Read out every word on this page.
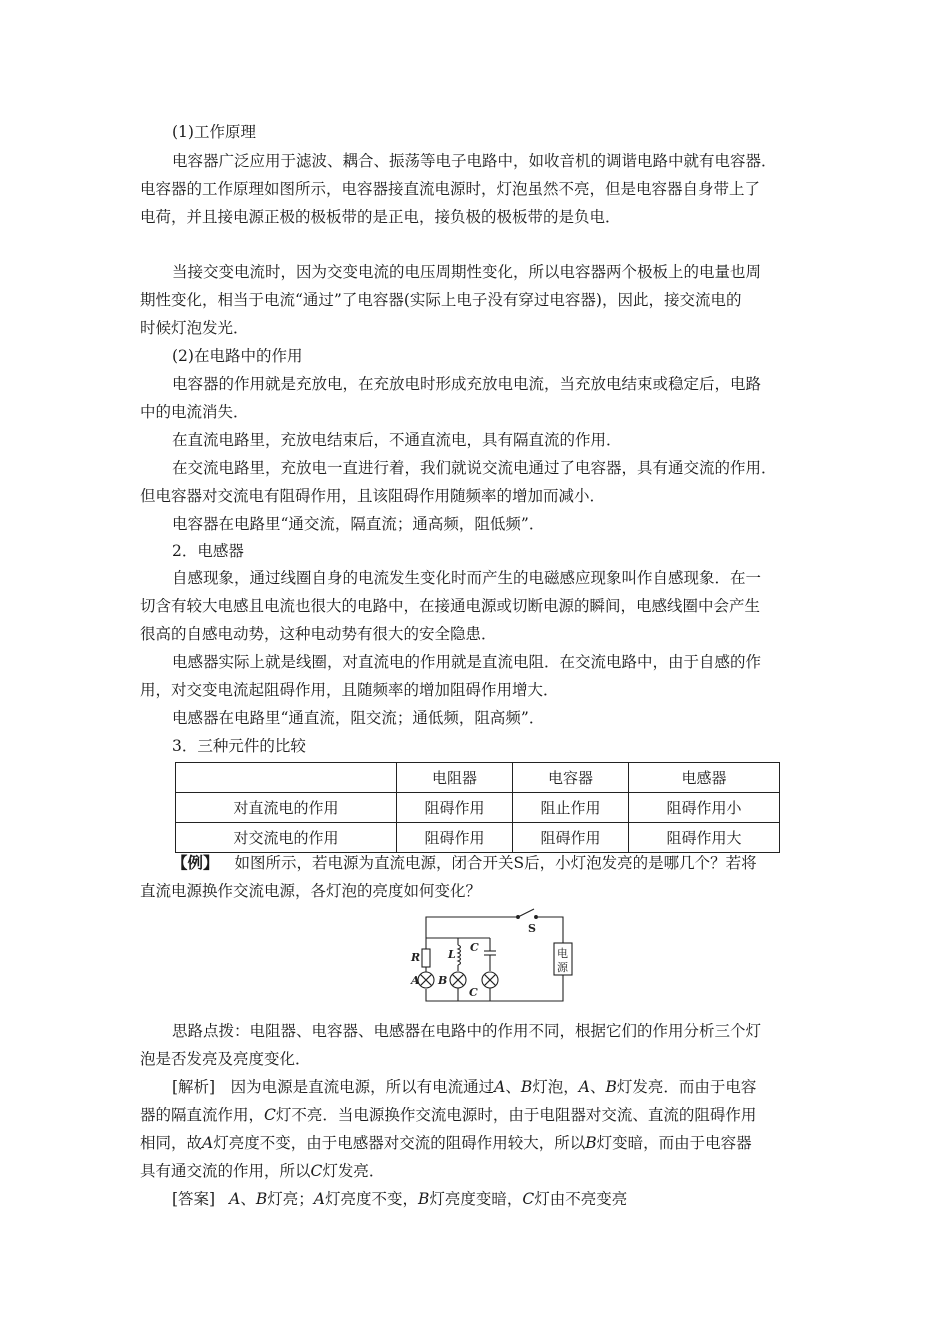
(1)工作原理
电容器广泛应用于滤波、耦合、振荡等电子电路中，如收音机的调谐电路中就有电容器．
电容器的工作原理如图所示，电容器接直流电源时，灯泡虽然不亮，但是电容器自身带上了
电荷，并且接电源正极的极板带的是正电，接负极的极板带的是负电．
当接交变电流时，因为交变电流的电压周期性变化，所以电容器两个极板上的电量也周
期性变化，相当于电流“通过”了电容器(实际上电子没有穿过电容器)，因此，接交流电的
时候灯泡发光．
(2)在电路中的作用
电容器的作用就是充放电，在充放电时形成充放电电流，当充放电结束或稳定后，电路
中的电流消失．
在直流电路里，充放电结束后，不通直流电，具有隔直流的作用．
在交流电路里，充放电一直进行着，我们就说交流电通过了电容器，具有通交流的作用．
但电容器对交流电有阻碍作用，且该阻碍作用随频率的增加而减小．
电容器在电路里“通交流，隔直流；通高频，阻低频”．
2．电感器
自感现象，通过线圈自身的电流发生变化时而产生的电磁感应现象叫作自感现象．在一
切含有较大电感且电流也很大的电路中，在接通电源或切断电源的瞬间，电感线圈中会产生
很高的自感电动势，这种电动势有很大的安全隐患．
电感器实际上就是线圈，对直流电的作用就是直流电阻．在交流电路中，由于自感的作
用，对交变电流起阻碍作用，且随频率的增加阻碍作用增大．
电感器在电路里“通直流，阻交流；通低频，阻高频”．
3．三种元件的比较
	电阻器	电容器	电感器
对直流电的作用	阻碍作用	阻止作用	阻碍作用小
对交流电的作用	阻碍作用	阻碍作用	阻碍作用大
【例】 如图所示，若电源为直流电源，闭合开关S后，小灯泡发亮的是哪几个？若将
直流电源换作交流电源，各灯泡的亮度如何变化？
R	L
C
A B
C
S
电
源
思路点拨：电阻器、电容器、电感器在电路中的作用不同，根据它们的作用分析三个灯
泡是否发亮及亮度变化．
[解析]　因为电源是直流电源，所以有电流通过A、B灯泡，A、B灯发亮．而由于电容
器的隔直流作用，C灯不亮．当电源换作交流电源时，由于电阻器对交流、直流的阻碍作用
相同，故A灯亮度不变，由于电感器对交流的阻碍作用较大，所以B灯变暗，而由于电容器
具有通交流的作用，所以C灯发亮．
[答案] A、B灯亮；A灯亮度不变，B灯亮度变暗，C灯由不亮变亮
